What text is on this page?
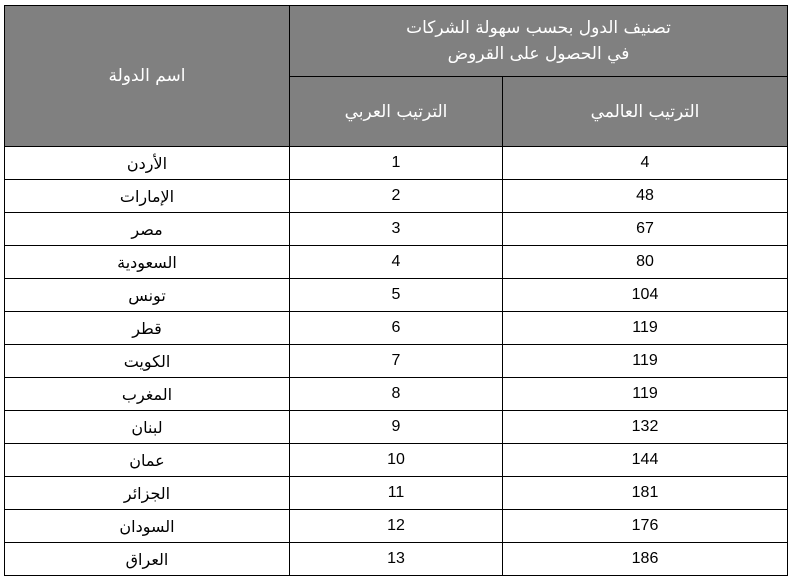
اسم الدولة	تصنيف الدول بحسب سهولة الشركات
في الحصول على القروض	

	الترتيب العربي	الترتيب العالمي
الأردن	1	4
الإمارات	2	48
مصر	3	67
السعودية	4	80
تونس	5	104
قطر	6	119
الكويت	7	119
المغرب	8	119
لبنان	9	132
عمان	10	144
الجزائر	11	181
السودان	12	176
العراق	13	186
